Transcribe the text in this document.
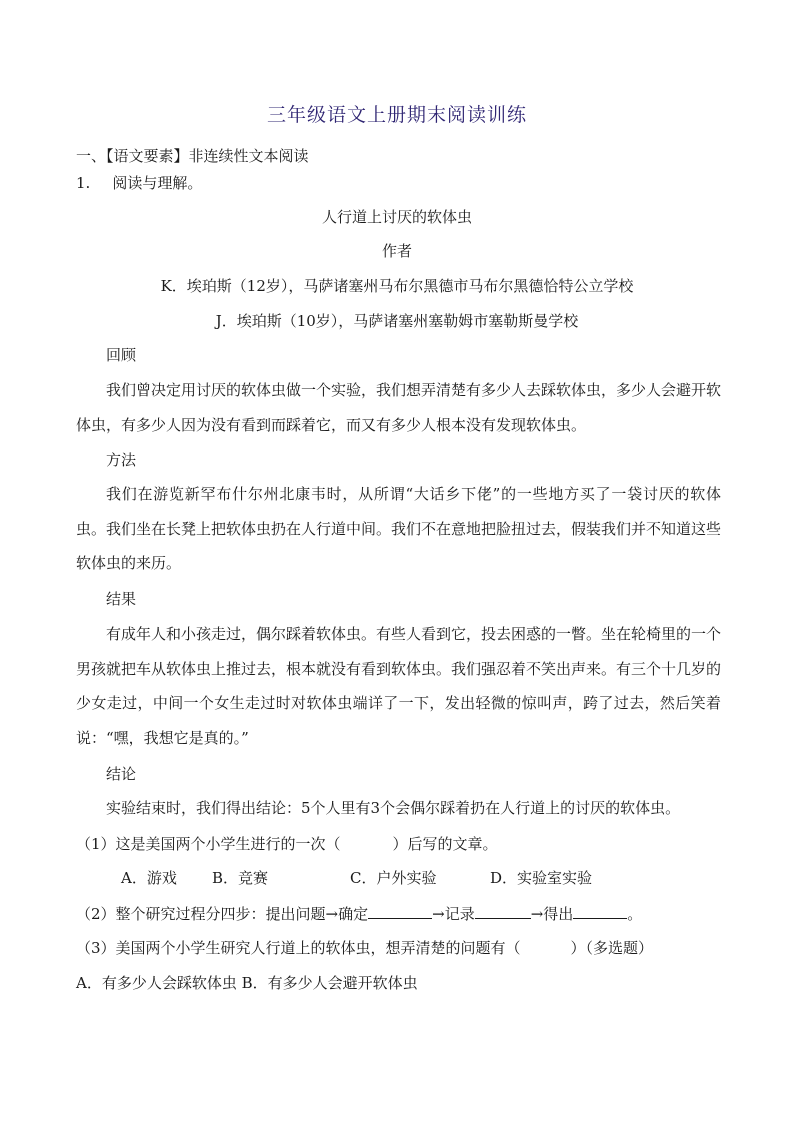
三年级语文上册期末阅读训练
一、【语文要素】非连续性文本阅读
1. 阅读与理解。
人行道上讨厌的软体虫
作者
K．埃珀斯（12岁），马萨诸塞州马布尔黑德市马布尔黑德恰特公立学校
J．埃珀斯（10岁），马萨诸塞州塞勒姆市塞勒斯曼学校
回顾
我们曾决定用讨厌的软体虫做一个实验，我们想弄清楚有多少人去踩软体虫，多少人会避开软体虫，有多少人因为没有看到而踩着它，而又有多少人根本没有发现软体虫。
方法
我们在游览新罕布什尔州北康韦时，从所谓“大话乡下佬”的一些地方买了一袋讨厌的软体虫。我们坐在长凳上把软体虫扔在人行道中间。我们不在意地把脸扭过去，假装我们并不知道这些软体虫的来历。
结果
有成年人和小孩走过，偶尔踩着软体虫。有些人看到它，投去困惑的一瞥。坐在轮椅里的一个男孩就把车从软体虫上推过去，根本就没有看到软体虫。我们强忍着不笑出声来。有三个十几岁的少女走过，中间一个女生走过时对软体虫端详了一下，发出轻微的惊叫声，跨了过去，然后笑着说：“嘿，我想它是真的。”
结论
实验结束时，我们得出结论：5个人里有3个会偶尔踩着扔在人行道上的讨厌的软体虫。
（1）这是美国两个小学生进行的一次（	）后写的文章。
A．游戏 B．竞赛	C．户外实验	D．实验室实验
（2）整个研究过程分四步：提出问题→确定	→记录	→得出	。
（3）美国两个小学生研究人行道上的软体虫，想弄清楚的问题有（	）（多选题）
A．有多少人会踩软体虫 B．有多少人会避开软体虫
